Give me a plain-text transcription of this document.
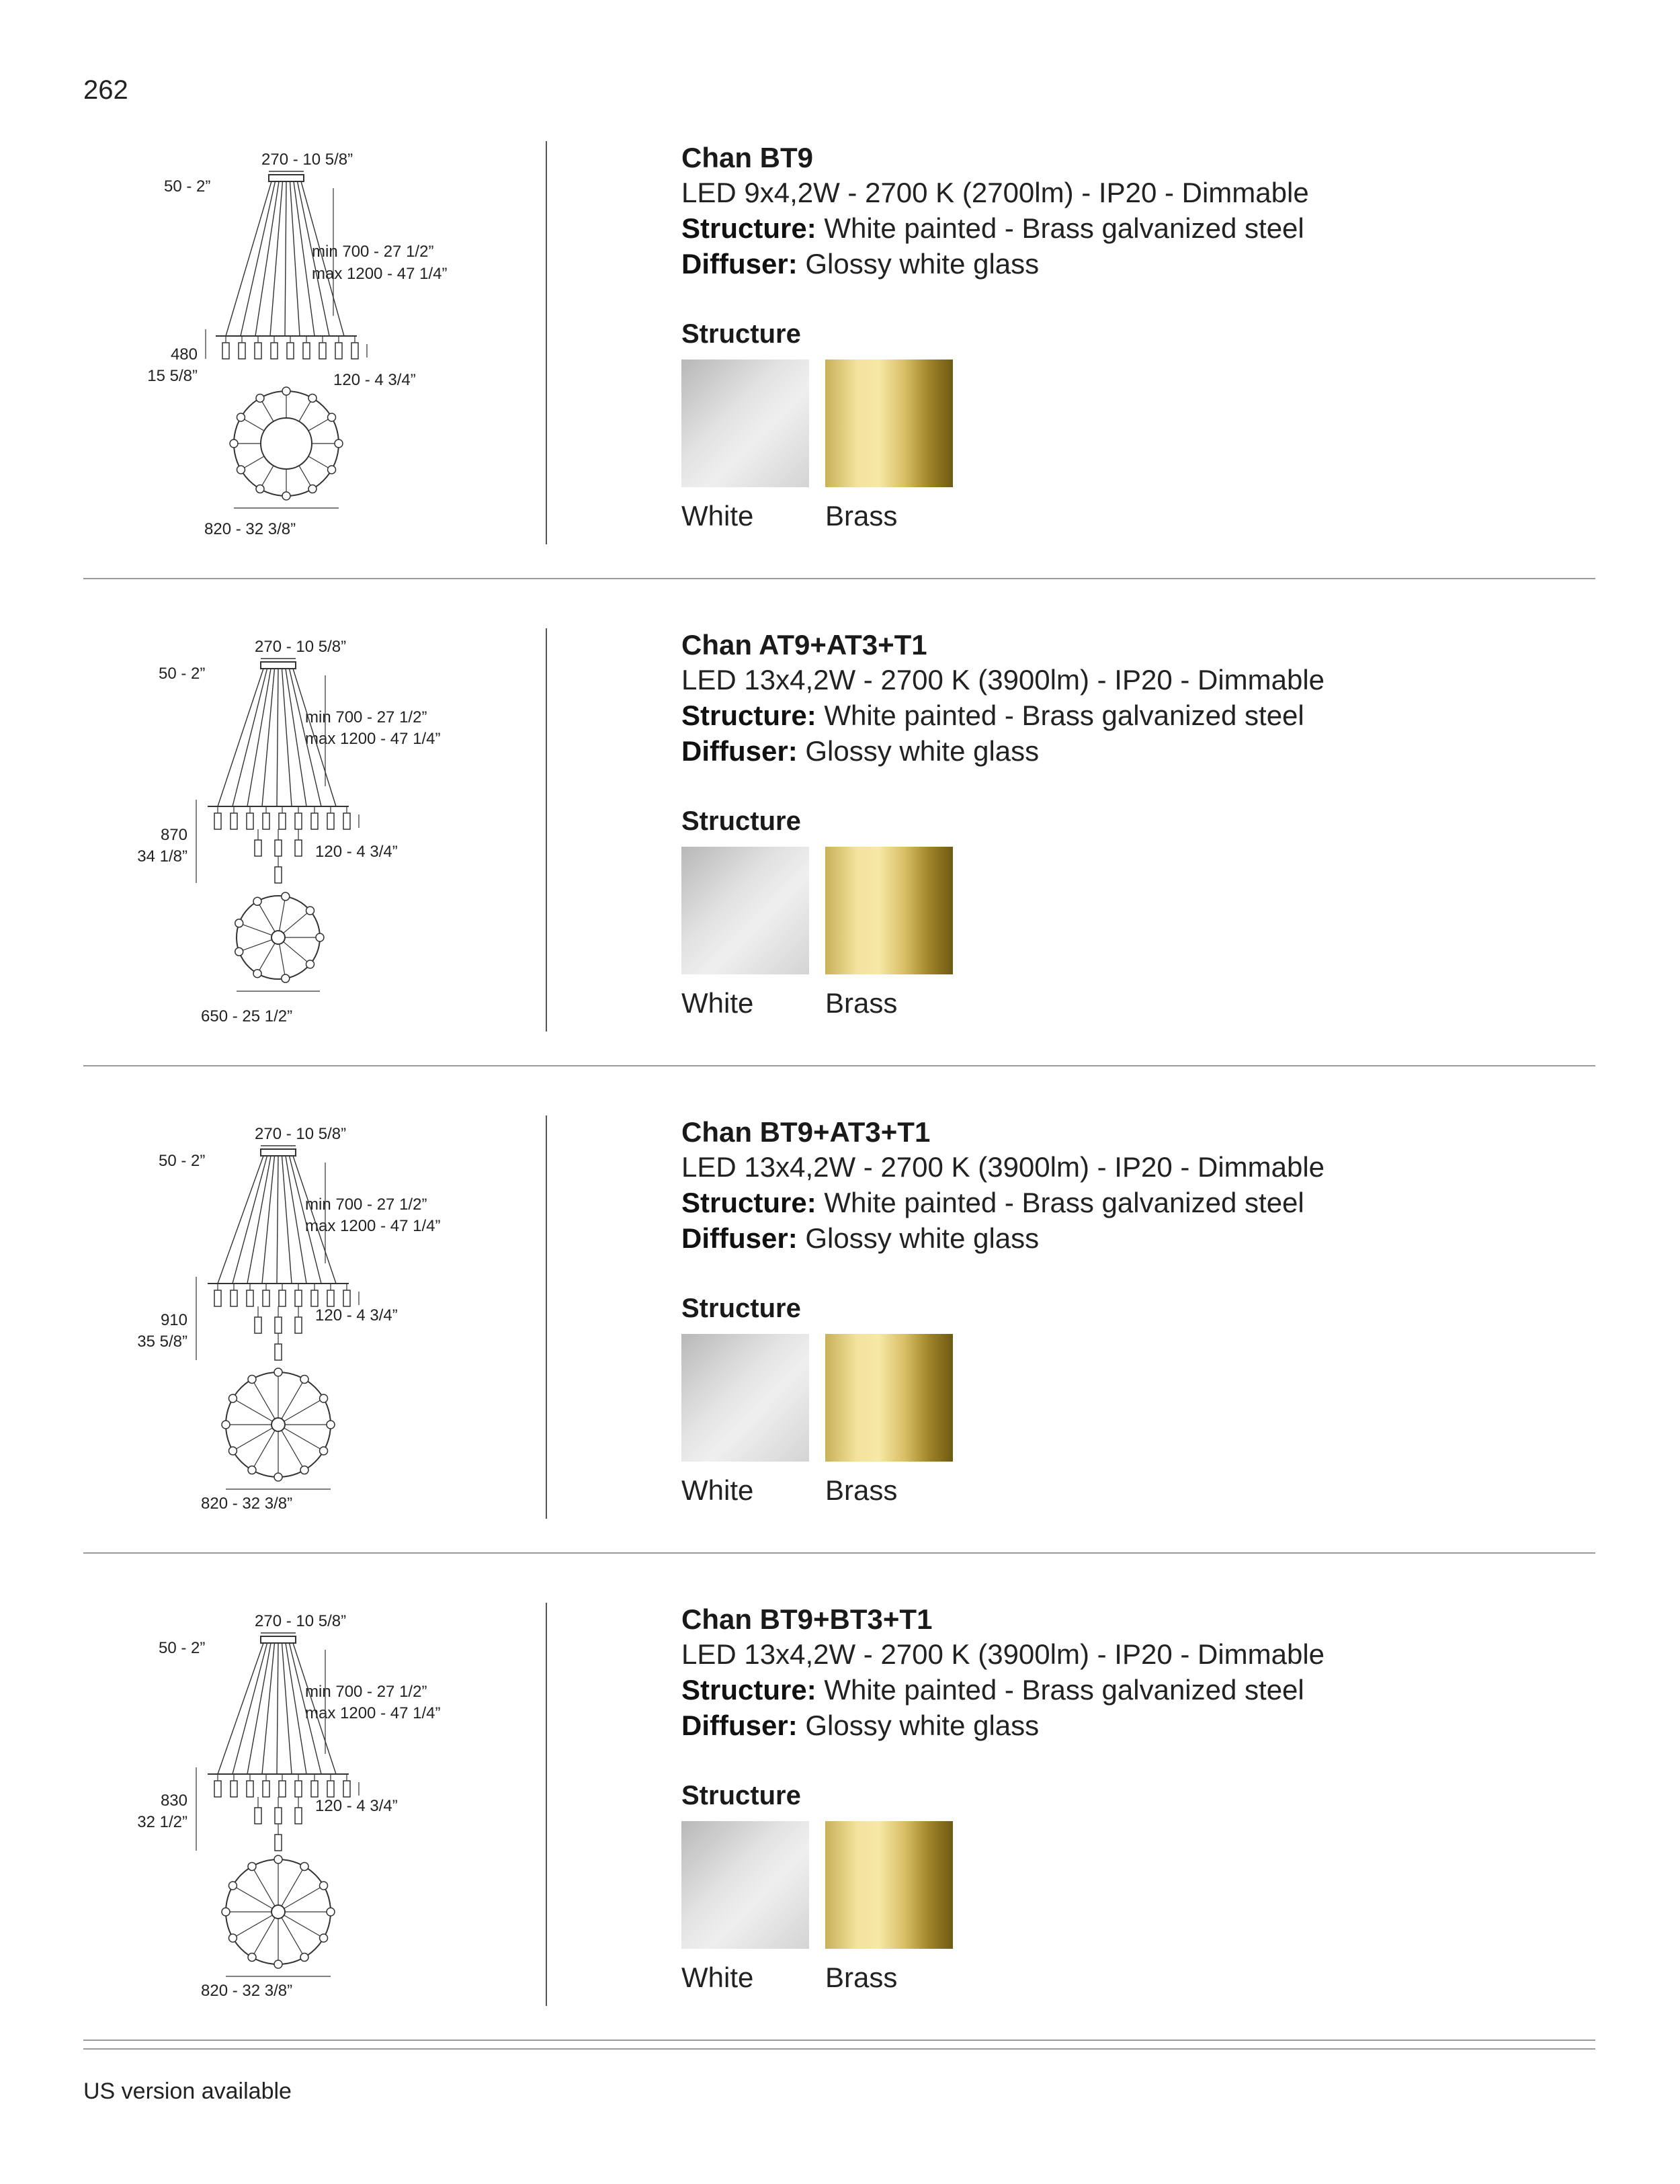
262
270 - 10 5/8”
50 - 2”
min 700 - 27 1/2”
max 1200 - 47 1/4”
480
15 5/8”	120 - 4 3/4”
820 - 32 3/8”

Chan BT9

LED 9x4,2W - 2700 K (2700lm) - IP20 - Dimmable

Structure: White painted - Brass galvanized steel

Diffuser: Glossy white glass

Structure
White	Brass
270 - 10 5/8”
50 - 2”
min 700 - 27 1/2”
max 1200 - 47 1/4”
870
34 1/8”	120 - 4 3/4”
650 - 25 1/2”

Chan AT9+AT3+T1

LED 13x4,2W - 2700 K (3900lm) - IP20 - Dimmable

Structure: White painted - Brass galvanized steel

Diffuser: Glossy white glass

Structure
White	Brass
270 - 10 5/8”
50 - 2”
min 700 - 27 1/2”
max 1200 - 47 1/4”
910
35 5/8”
120 - 4 3/4”
820 - 32 3/8”

Chan BT9+AT3+T1

LED 13x4,2W - 2700 K (3900lm) - IP20 - Dimmable

Structure: White painted - Brass galvanized steel

Diffuser: Glossy white glass

Structure
White	Brass
270 - 10 5/8”
50 - 2”
min 700 - 27 1/2”
max 1200 - 47 1/4”
830
32 1/2”
120 - 4 3/4”
820 - 32 3/8”

Chan BT9+BT3+T1

LED 13x4,2W - 2700 K (3900lm) - IP20 - Dimmable

Structure: White painted - Brass galvanized steel

Diffuser: Glossy white glass

Structure
White	Brass
US version available
